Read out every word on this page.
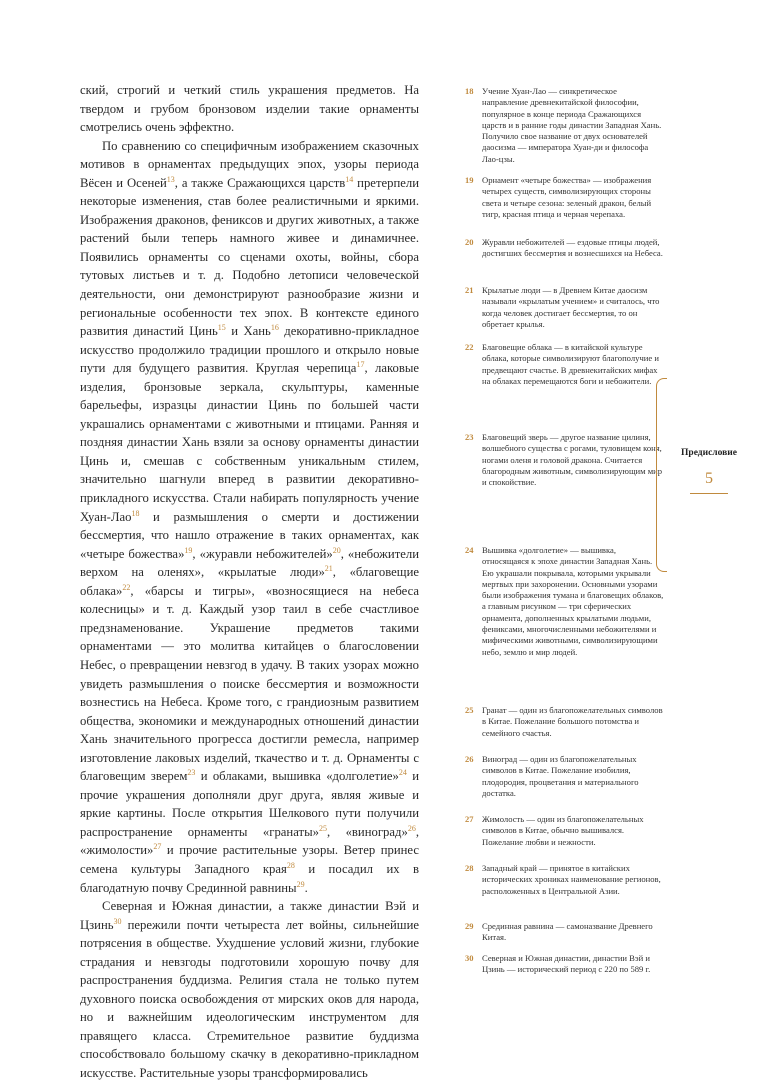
ский, строгий и четкий стиль украшения предметов. На твердом и грубом бронзовом изделии такие орнаменты смотрелись очень эффектно.

По сравнению со специфичным изображением сказочных мотивов в орнаментах предыдущих эпох, узоры периода Вёсен и Осеней$^{13}$, а также Сражающихся царств$^{14}$ претерпели некоторые изменения, став более реалистичными и яркими. Изображения драконов, фениксов и других животных, а также растений были теперь намного живее и динамичнее. Появились орнаменты со сценами охоты, войны, сбора тутовых листьев и т. д. Подобно летописи человеческой деятельности, они демонстрируют разнообразие жизни и региональные особенности тех эпох. В контексте единого развития династий Цинь$^{15}$ и Хань$^{16}$ декоративно-прикладное искусство продолжило традиции прошлого и открыло новые пути для будущего развития. Круглая черепица$^{17}$, лаковые изделия, бронзовые зеркала, скульптуры, каменные барельефы, изразцы династии Цинь по большей части украшались орнаментами с животными и птицами. Ранняя и поздняя династии Хань взяли за основу орнаменты династии Цинь и, смешав с собственным уникальным стилем, значительно шагнули вперед в развитии декоративно-прикладного искусства. Стали набирать популярность учение Хуан-Лао$^{18}$ и размышления о смерти и достижении бессмертия, что нашло отражение в таких орнаментах, как «четыре божества»$^{19}$, «журавли небожителей»$^{20}$, «небожители верхом на оленях», «крылатые люди»$^{21}$, «благовещие облака»$^{22}$, «барсы и тигры», «возносящиеся на небеса колесницы» и т. д. Каждый узор таил в себе счастливое предзнаменование. Украшение предметов такими орнаментами — это молитва китайцев о благословении Небес, о превращении невзгод в удачу. В таких узорах можно увидеть размышления о поиске бессмертия и возможности вознестись на Небеса. Кроме того, с грандиозным развитием общества, экономики и международных отношений династии Хань значительного прогресса достигли ремесла, например изготовление лаковых изделий, ткачество и т. д. Орнаменты с благовещим зверем$^{23}$ и облаками, вышивка «долголетие»$^{24}$ и прочие украшения дополняли друг друга, являя живые и яркие картины. После открытия Шелкового пути получили распространение орнаменты «гранаты»$^{25}$, «виноград»$^{26}$, «жимолости»$^{27}$ и прочие растительные узоры. Ветер принес семена культуры Западного края$^{28}$ и посадил их в благодатную почву Срединной равнины$^{29}$.

Северная и Южная династии, а также династии Вэй и Цзинь$^{30}$ пережили почти четыреста лет войны, сильнейшие потрясения в обществе. Ухудшение условий жизни, глубокие страдания и невзгоды подготовили хорошую почву для распространения буддизма. Религия стала не только путем духовного поиска освобождения от мирских оков для народа, но и важнейшим идеологическим инструментом для правящего класса. Стремительное развитие буддизма способствовало большому скачку в декоративно-прикладном искусстве. Растительные узоры трансформировались

18 Учение Хуан-Лао — синкретическое направление древнекитайской философии, популярное в конце периода Сражающихся царств и в ранние годы династии Западная Хань. Получило свое название от двух основателей даосизма — императора Хуан-ди и философа Лао-цзы.
19 Орнамент «четыре божества» — изображения четырех существ, символизирующих стороны света и четыре сезона: зеленый дракон, белый тигр, красная птица и черная черепаха.
20 Журавли небожителей — ездовые птицы людей, достигших бессмертия и вознесшихся на Небеса.
21 Крылатые люди — в Древнем Китае даосизм называли «крылатым учением» и считалось, что когда человек достигает бессмертия, то он обретает крылья.
22 Благовещие облака — в китайской культуре облака, которые символизируют благополучие и предвещают счастье. В древнекитайских мифах на облаках перемещаются боги и небожители.
23 Благовещий зверь — другое название цилиня, волшебного существа с рогами, туловищем коня, ногами оленя и головой дракона. Считается благородным животным, символизирующим мир и спокойствие.
24 Вышивка «долголетие» — вышивка, относящаяся к эпохе династии Западная Хань. Ею украшали покрывала, которыми укрывали мертвых при захоронении. Основными узорами были изображения тумана и благовещих облаков, а главным рисунком — три сферических орнамента, дополненных крылатыми людьми, фениксами, многочисленными небожителями и мифическими животными, символизирующими небо, землю и мир людей.
25 Гранат — один из благопожелательных символов в Китае. Пожелание большого потомства и семейного счастья.
26 Виноград — один из благопожелательных символов в Китае. Пожелание изобилия, плодородия, процветания и материального достатка.
27 Жимолость — один из благопожелательных символов в Китае, обычно вышивался. Пожелание любви и нежности.
28 Западный край — принятое в китайских исторических хрониках наименование регионов, расположенных в Центральной Азии.
29 Срединная равнина — самоназвание Древнего Китая.
30 Северная и Южная династии, династии Вэй и Цзинь — исторический период с 220 по 589 г.
Предисловие
5
